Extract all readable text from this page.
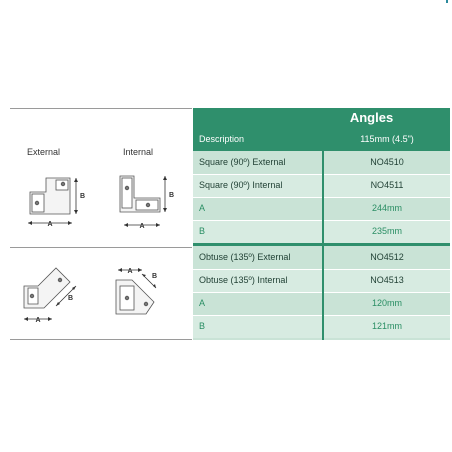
External	Internal
A
B
A
B
A
B
A
B
Angles
Description	115mm (4.5")
Square (90º) External	NO4510
Square (90º) Internal	NO4511
A	244mm
B	235mm
Obtuse (135º) External	NO4512
Obtuse (135º) Internal	NO4513
A	120mm
B	121mm
